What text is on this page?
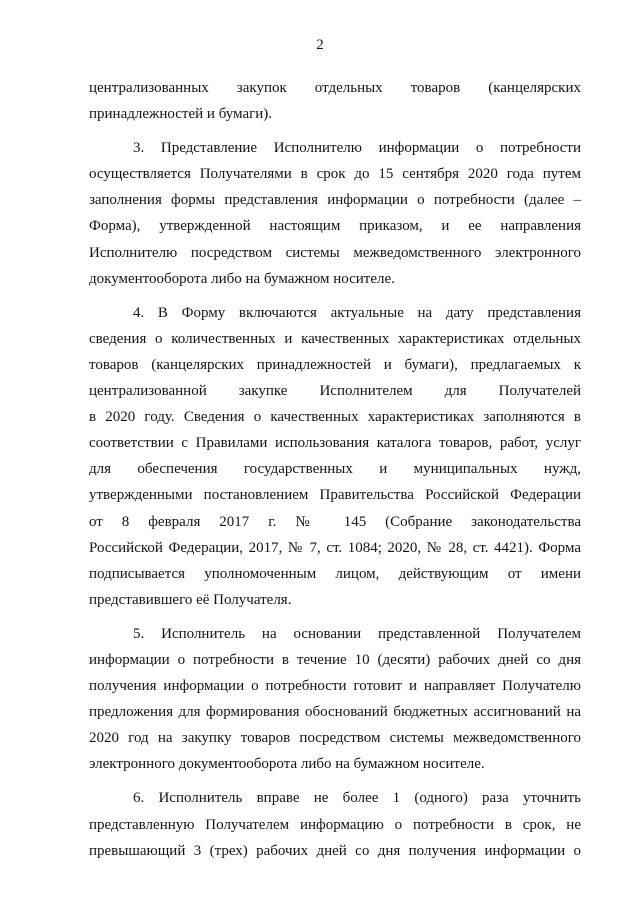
2
централизованных закупок отдельных товаров (канцелярских
принадлежностей и бумаги).
3. Представление Исполнителю информации о потребности
осуществляется Получателями в срок до 15 сентября 2020 года путем
заполнения формы представления информации о потребности (далее –
Форма), утвержденной настоящим приказом, и ее направления
Исполнителю посредством системы межведомственного электронного
документооборота либо на бумажном носителе.
4. В Форму включаются актуальные на дату представления
сведения о количественных и качественных характеристиках отдельных
товаров (канцелярских принадлежностей и бумаги), предлагаемых к
централизованной закупке Исполнителем для Получателей
в 2020 году. Сведения о качественных характеристиках заполняются в
соответствии с Правилами использования каталога товаров, работ, услуг
для обеспечения государственных и муниципальных нужд,
утвержденными постановлением Правительства Российской Федерации
от 8 февраля 2017 г. № 145 (Собрание законодательства
Российской Федерации, 2017, № 7, ст. 1084; 2020, № 28, ст. 4421). Форма
подписывается уполномоченным лицом, действующим от имени
представившего её Получателя.
5. Исполнитель на основании представленной Получателем
информации о потребности в течение 10 (десяти) рабочих дней со дня
получения информации о потребности готовит и направляет Получателю
предложения для формирования обоснований бюджетных ассигнований на
2020 год на закупку товаров посредством системы межведомственного
электронного документооборота либо на бумажном носителе.
6. Исполнитель вправе не более 1 (одного) раза уточнить
представленную Получателем информацию о потребности в срок, не
превышающий 3 (трех) рабочих дней со дня получения информации о
